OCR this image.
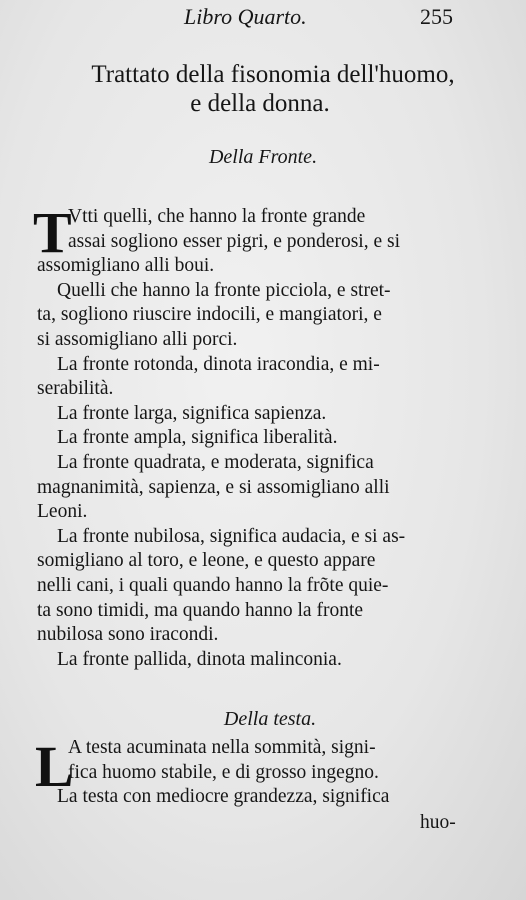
Libro Quarto.	255
Trattato della fisonomia dell'huomo,
e della donna.
Della Fronte.
T
Vtti quelli, che hanno la fronte grande
assai sogliono esser pigri, e ponderosi, e si
assomigliano alli boui.
Quelli che hanno la fronte picciola, e stret-
ta, sogliono riuscire indocili, e mangiatori, e
si assomigliano alli porci.
La fronte rotonda, dinota iracondia, e mi-
serabilità.
La fronte larga, significa sapienza.
La fronte ampla, significa liberalità.
La fronte quadrata, e moderata, significa
magnanimità, sapienza, e si assomigliano alli
Leoni.
La fronte nubilosa, significa audacia, e si as-
somigliano al toro, e leone, e questo appare
nelli cani, i quali quando hanno la frõte quie-
ta sono timidi, ma quando hanno la fronte
nubilosa sono iracondi.
La fronte pallida, dinota malinconia.
Della testa.
L
A testa acuminata nella sommità, signi-
fica huomo stabile, e di grosso ingegno.
La testa con mediocre grandezza, significa
huo-
